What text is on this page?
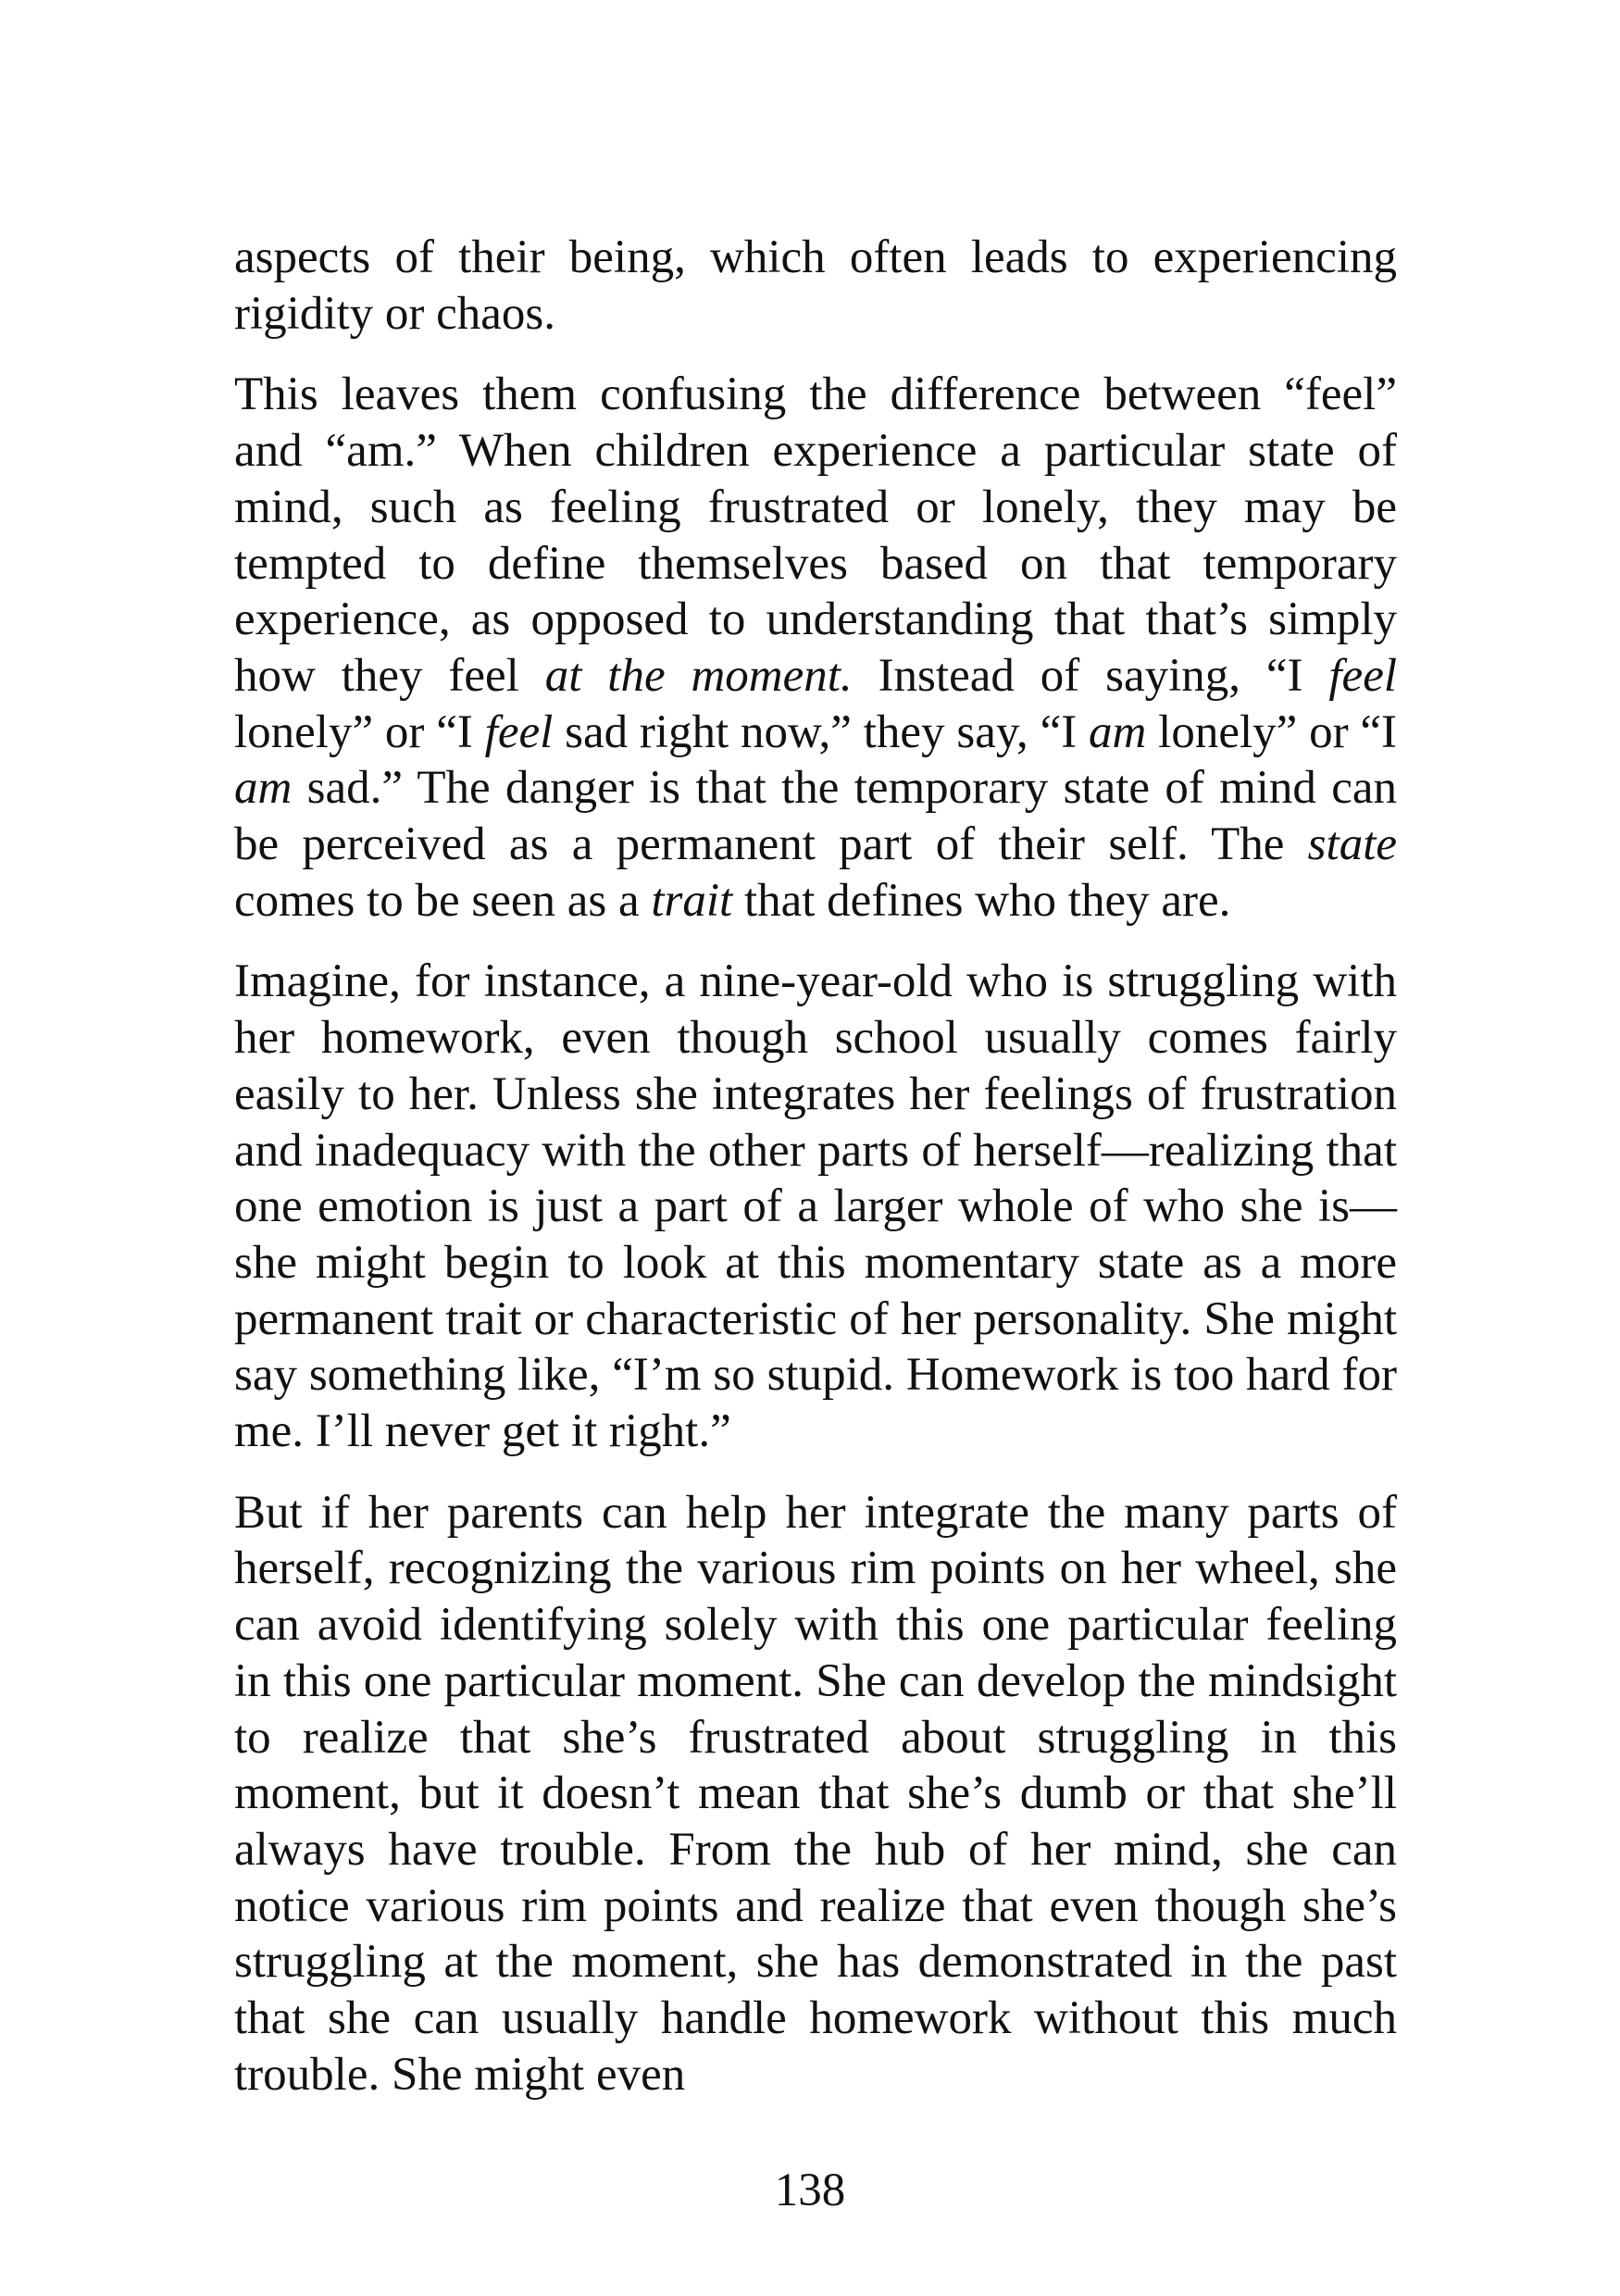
aspects of their being, which often leads to experiencing rigidity or chaos.

This leaves them confusing the difference between “feel” and “am.” When children experience a particular state of mind, such as feeling frustrated or lonely, they may be tempted to define themselves based on that temporary experience, as opposed to understanding that that’s simply how they feel at the moment. Instead of saying, “I feel lonely” or “I feel sad right now,” they say, “I am lonely” or “I am sad.” The danger is that the temporary state of mind can be perceived as a permanent part of their self. The state comes to be seen as a trait that defines who they are.

Imagine, for instance, a nine-year-old who is struggling with her homework, even though school usually comes fairly easily to her. Unless she integrates her feelings of frustration and inadequacy with the other parts of herself—realizing that one emotion is just a part of a larger whole of who she is—she might begin to look at this momentary state as a more permanent trait or characteristic of her personality. She might say something like, “I’m so stupid. Homework is too hard for me. I’ll never get it right.”

But if her parents can help her integrate the many parts of herself, recognizing the various rim points on her wheel, she can avoid identifying solely with this one particular feeling in this one particular moment. She can develop the mindsight to realize that she’s frustrated about struggling in this moment, but it doesn’t mean that she’s dumb or that she’ll always have trouble. From the hub of her mind, she can notice various rim points and realize that even though she’s struggling at the moment, she has demonstrated in the past that she can usually handle homework without this much trouble. She might even

138
